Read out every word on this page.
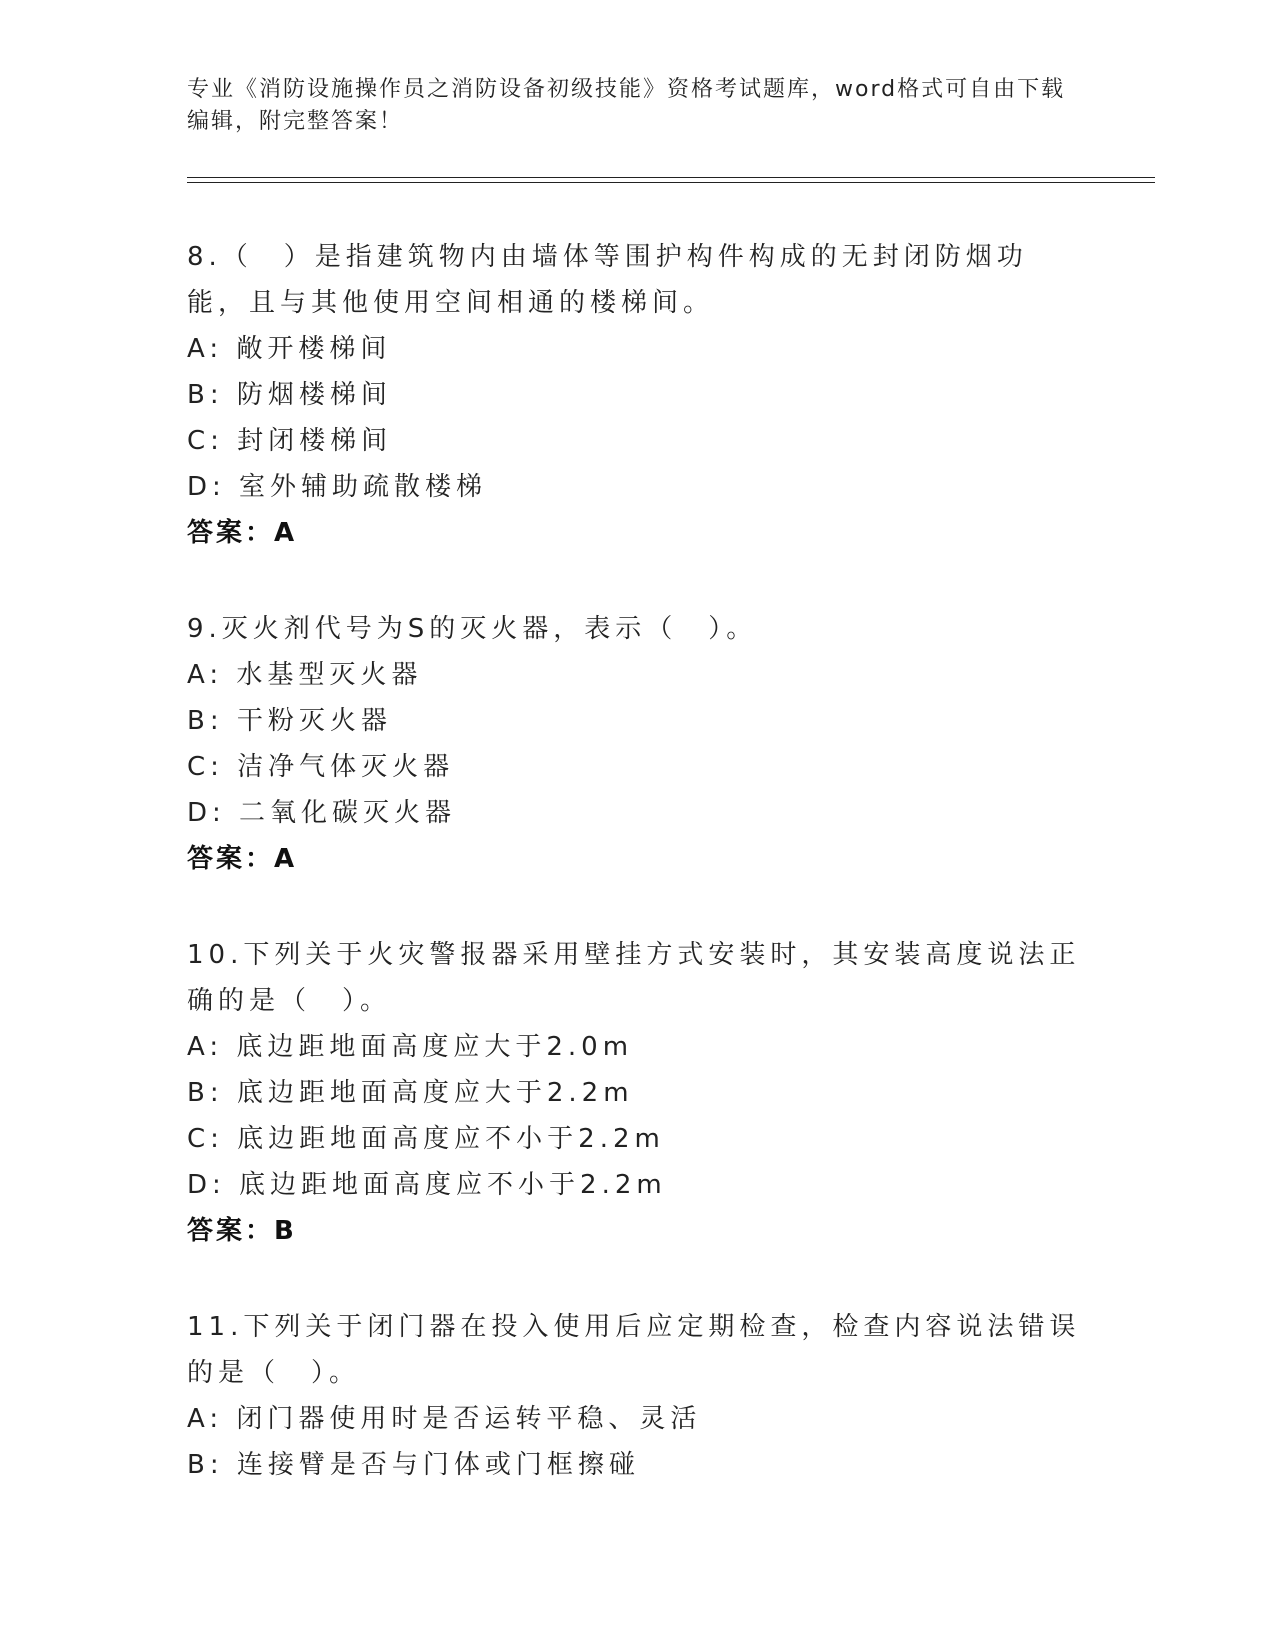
专业《消防设施操作员之消防设备初级技能》资格考试题库，word格式可自由下载编辑，附完整答案！
8.（　）是指建筑物内由墙体等围护构件构成的无封闭防烟功能，且与其他使用空间相通的楼梯间。
A: 敞开楼梯间
B: 防烟楼梯间
C: 封闭楼梯间
D: 室外辅助疏散楼梯
答案：A
9.灭火剂代号为S的灭火器，表示（　）。
A: 水基型灭火器
B: 干粉灭火器
C: 洁净气体灭火器
D: 二氧化碳灭火器
答案：A
10.下列关于火灾警报器采用壁挂方式安装时，其安装高度说法正确的是（　）。
A: 底边距地面高度应大于2.0m
B: 底边距地面高度应大于2.2m
C: 底边距地面高度应不小于2.2m
D: 底边距地面高度应不小于2.2m
答案：B
11.下列关于闭门器在投入使用后应定期检查，检查内容说法错误的是（　）。
A: 闭门器使用时是否运转平稳、灵活
B: 连接臂是否与门体或门框擦碰
